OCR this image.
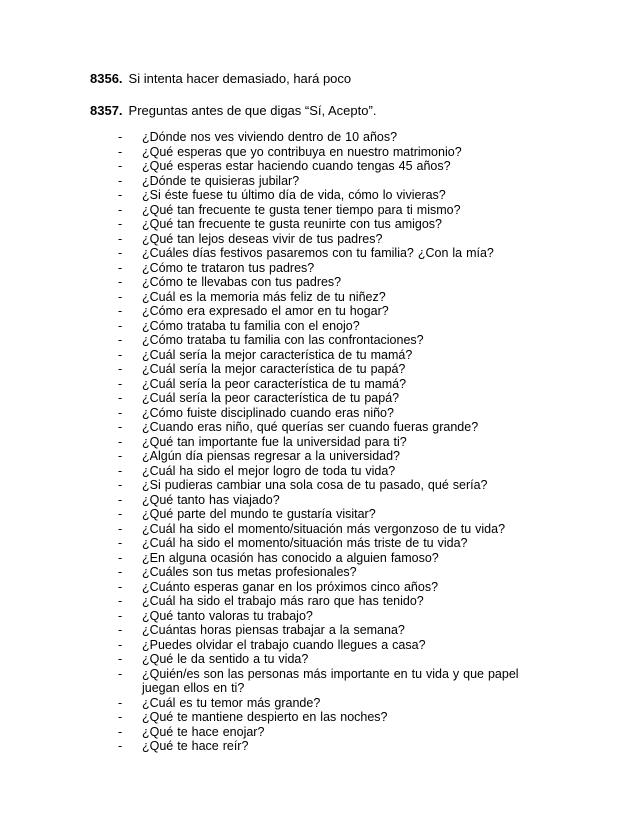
8356. Si intenta hacer demasiado, hará poco
8357. Preguntas antes de que digas “Sí, Acepto”.
- ¿Dónde nos ves viviendo dentro de 10 años?
- ¿Qué esperas que yo contribuya en nuestro matrimonio?
- ¿Qué esperas estar haciendo cuando tengas 45 años?
- ¿Dónde te quisieras jubilar?
- ¿Si éste fuese tu último día de vida, cómo lo vivieras?
- ¿Qué tan frecuente te gusta tener tiempo para ti mismo?
- ¿Qué tan frecuente te gusta reunirte con tus amigos?
- ¿Qué tan lejos deseas vivir de tus padres?
- ¿Cuáles días festivos pasaremos con tu familia? ¿Con la mía?
- ¿Cómo te trataron tus padres?
- ¿Cómo te llevabas con tus padres?
- ¿Cuál es la memoria más feliz de tu niñez?
- ¿Cómo era expresado el amor en tu hogar?
- ¿Cómo trataba tu familia con el enojo?
- ¿Cómo trataba tu familia con las confrontaciones?
- ¿Cuál sería la mejor característica de tu mamá?
- ¿Cuál sería la mejor característica de tu papá?
- ¿Cuál sería la peor característica de tu mamá?
- ¿Cuál sería la peor característica de tu papá?
- ¿Cómo fuiste disciplinado cuando eras niño?
- ¿Cuando eras niño, qué querías ser cuando fueras grande?
- ¿Qué tan importante fue la universidad para ti?
- ¿Algún día piensas regresar a la universidad?
- ¿Cuál ha sido el mejor logro de toda tu vida?
- ¿Si pudieras cambiar una sola cosa de tu pasado, qué sería?
- ¿Qué tanto has viajado?
- ¿Qué parte del mundo te gustaría visitar?
- ¿Cuál ha sido el momento/situación más vergonzoso de tu vida?
- ¿Cuál ha sido el momento/situación más triste de tu vida?
- ¿En alguna ocasión has conocido a alguien famoso?
- ¿Cuáles son tus metas profesionales?
- ¿Cuánto esperas ganar en los próximos cinco años?
- ¿Cuál ha sido el trabajo más raro que has tenido?
- ¿Qué tanto valoras tu trabajo?
- ¿Cuántas horas piensas trabajar a la semana?
- ¿Puedes olvidar el trabajo cuando llegues a casa?
- ¿Qué le da sentido a tu vida?
- ¿Quién/es son las personas más importante en tu vida y que papel juegan ellos en ti?
- ¿Cuál es tu temor más grande?
- ¿Qué te mantiene despierto en las noches?
- ¿Qué te hace enojar?
- ¿Qué te hace reír?
